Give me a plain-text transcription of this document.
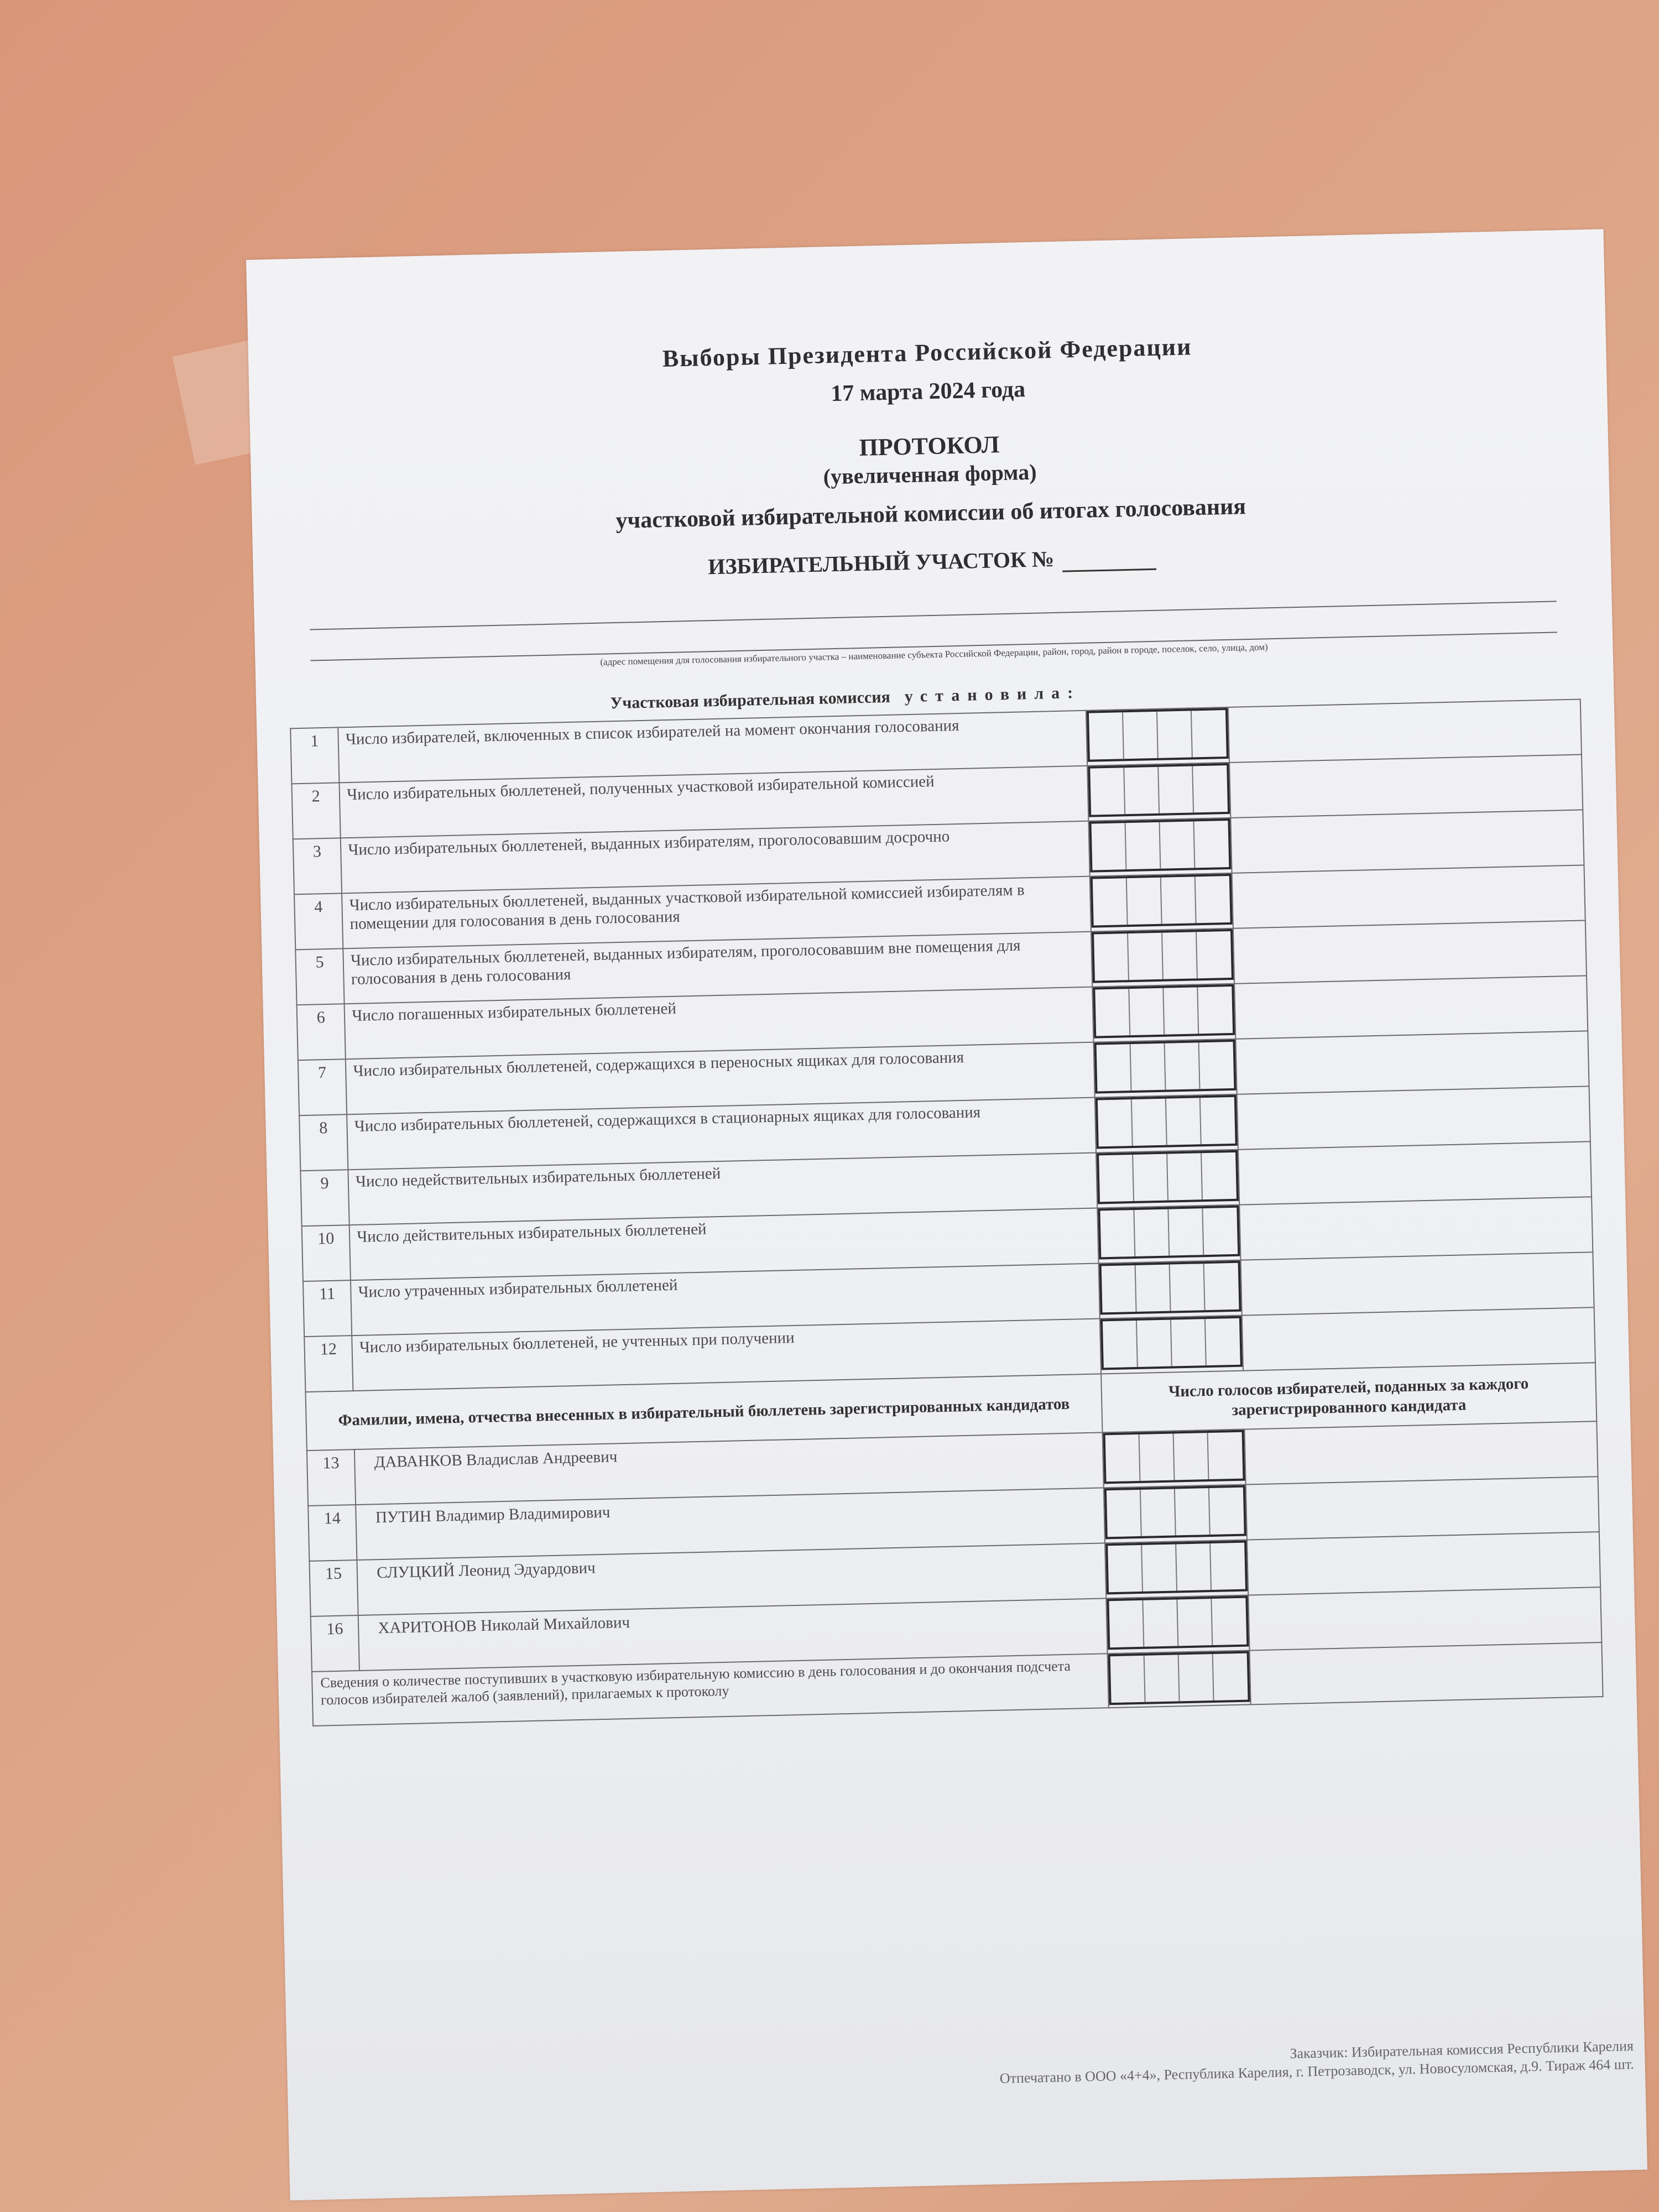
Выборы Президента Российской Федерации

17 марта 2024 года

ПРОТОКОЛ

(увеличенная форма)

участковой избирательной комиссии об итогах голосования

ИЗБИРАТЕЛЬНЫЙ УЧАСТОК №

(адрес помещения для голосования избирательного участка – наименование субъекта Российской Федерации, район, город, район в городе, поселок, село, улица, дом)
Участковая избирательная комиссия установила:
1	Число избирателей, включенных в список избирателей на момент окончания голосования	

2	Число избирательных бюллетеней, полученных участковой избирательной комиссией	

3	Число избирательных бюллетеней, выданных избирателям, проголосовавшим досрочно	

4	Число избирательных бюллетеней, выданных участковой избирательной комиссией избирателям в помещении для голосования в день голосования	

5	Число избирательных бюллетеней, выданных избирателям, проголосовавшим вне помещения для голосования в день голосования	

6	Число погашенных избирательных бюллетеней	

7	Число избирательных бюллетеней, содержащихся в переносных ящиках для голосования	

8	Число избирательных бюллетеней, содержащихся в стационарных ящиках для голосования	

9	Число недействительных избирательных бюллетеней	

10	Число действительных избирательных бюллетеней	

11	Число утраченных избирательных бюллетеней	

12	Число избирательных бюллетеней, не учтенных при получении	

Фамилии, имена, отчества внесенных в избирательный бюллетень зарегистрированных кандидатов		Число голосов избирателей, поданных за каждого зарегистрированного кандидата	
13	ДАВАНКОВ Владислав Андреевич	

14	ПУТИН Владимир Владимирович	

15	СЛУЦКИЙ Леонид Эдуардович	

16	ХАРИТОНОВ Николай Михайлович	

Сведения о количестве поступивших в участковую избирательную комиссию в день голосования и до окончания подсчета голосов избирателей жалоб (заявлений), прилагаемых к протоколу		

Заказчик: Избирательная комиссия Республики Карелия
Отпечатано в ООО «4+4», Республика Карелия, г. Петрозаводск, ул. Новосуломская, д.9. Тираж 464 шт.
